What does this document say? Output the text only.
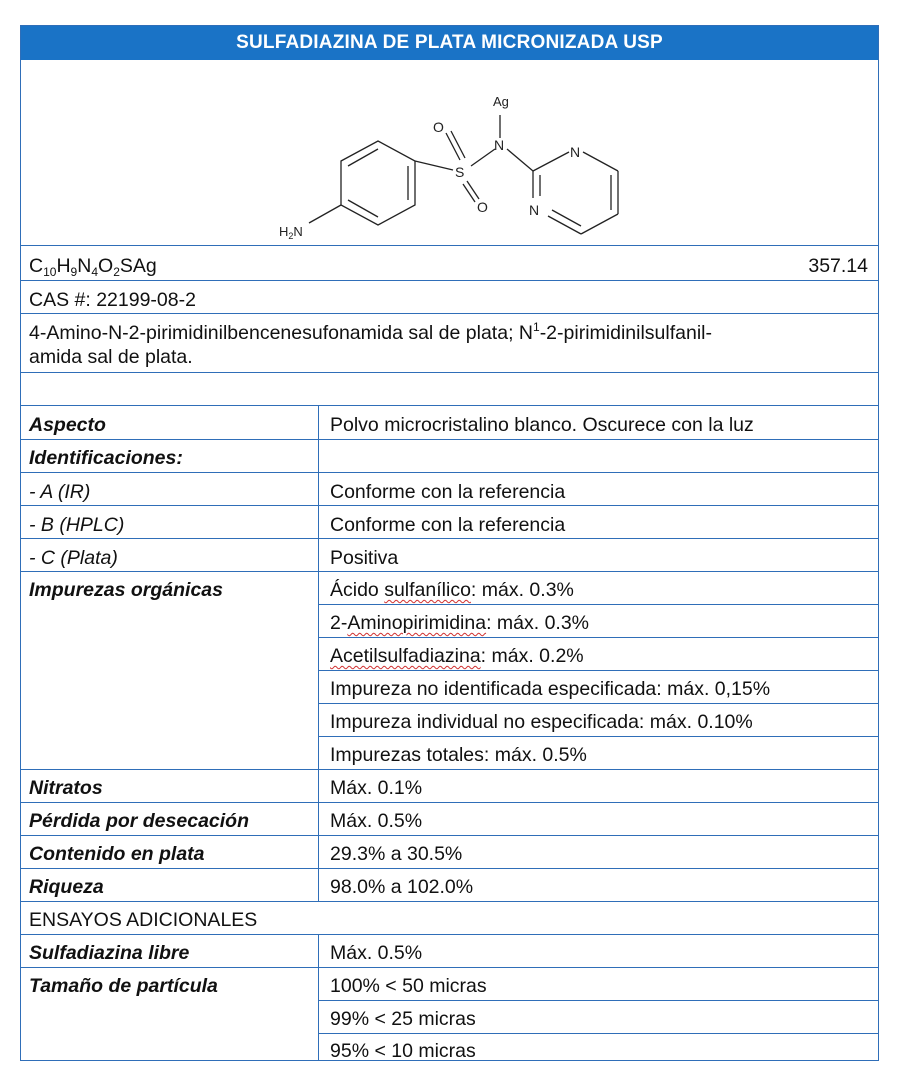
SULFADIAZINA DE PLATA MICRONIZADA USP
Ag
N
S
O
O
N
N
$H_2N$
$C_{10}H_9N_4O_2SAg$	357.14
CAS #: 22199-08-2
4-Amino-N-2-pirimidinilbencenesufonamida sal de plata; $N^1-2-pirimidinilsulfanil-$
amida sal de plata.
Aspecto	Polvo microcristalino blanco. Oscurece con la luz
Identificaciones:
- A (IR)	Conforme con la referencia
- B (HPLC)	Conforme con la referencia
- C (Plata)	Positiva
Impurezas orgánicas	Ácido sulfanílico: máx. 0.3%
2-Aminopirimidina: máx. 0.3%
Acetilsulfadiazina: máx. 0.2%
Impureza no identificada especificada: máx. 0,15%
Impureza individual no especificada: máx. 0.10%
Impurezas totales: máx. 0.5%
Nitratos	Máx. 0.1%
Pérdida por desecación	Máx. 0.5%
Contenido en plata	29.3% a 30.5%
Riqueza	98.0% a 102.0%
ENSAYOS ADICIONALES
Sulfadiazina libre	Máx. 0.5%
Tamaño de partícula	100% < 50 micras
99% < 25 micras
95% < 10 micras
